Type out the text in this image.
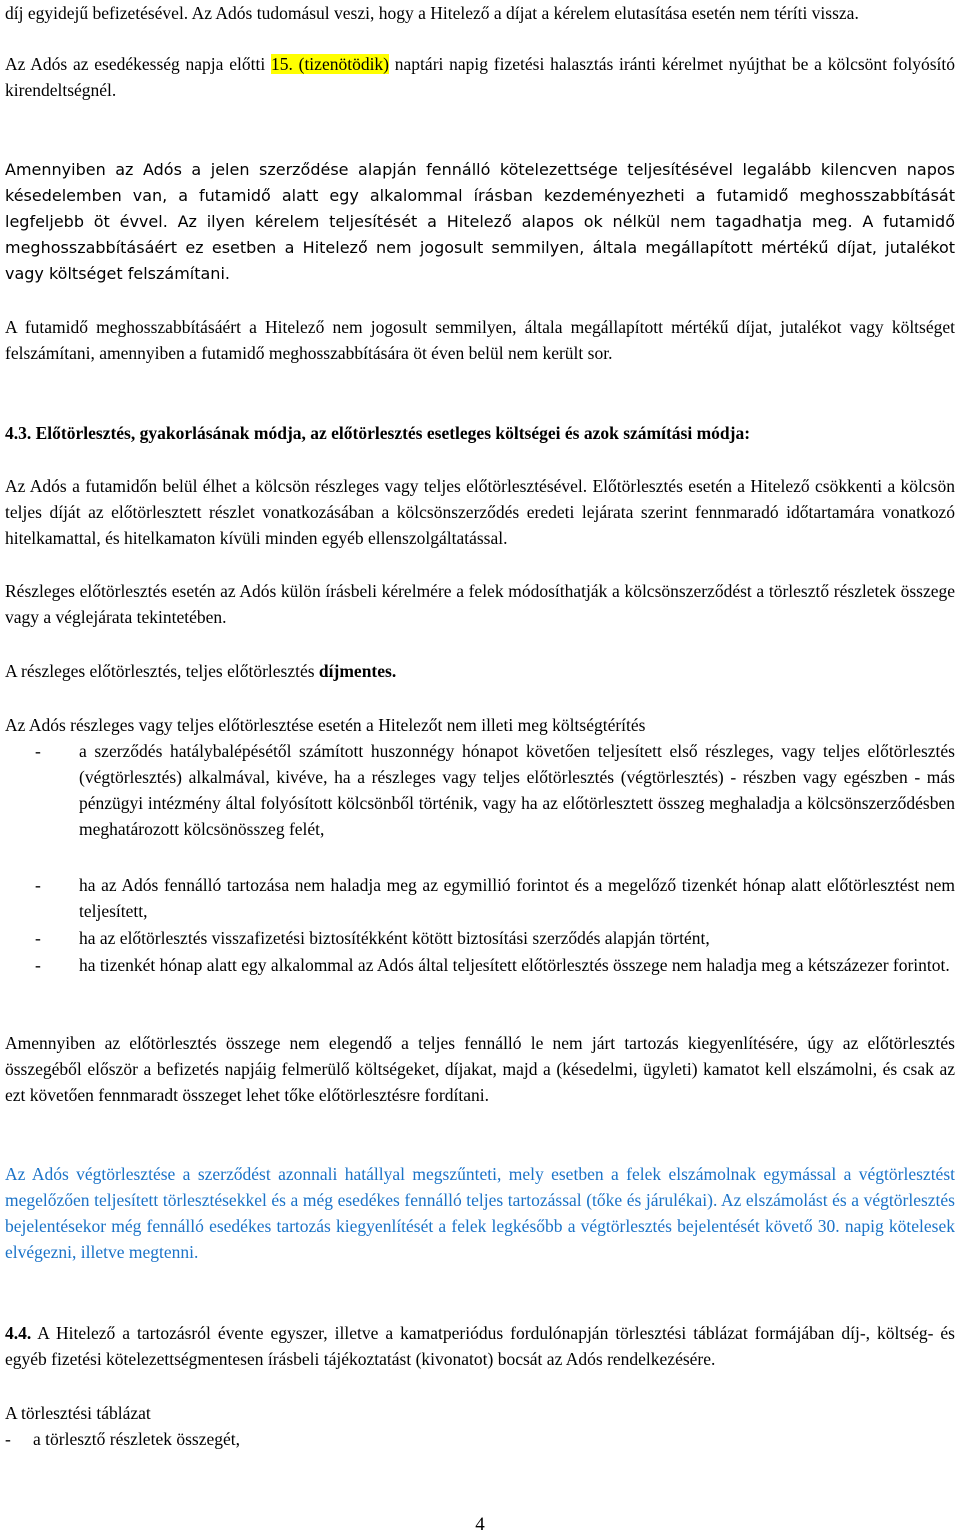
díj egyidejű befizetésével. Az Adós tudomásul veszi, hogy a Hitelező a díjat a kérelem elutasítása esetén nem téríti vissza.

Az Adós az esedékesség napja előtti 15. (tizenötödik) naptári napig fizetési halasztás iránti kérelmet nyújthat be a kölcsönt folyósító kirendeltségnél.

Amennyiben az Adós a jelen szerződése alapján fennálló kötelezettsége teljesítésével legalább kilencven napos késedelemben van, a futamidő alatt egy alkalommal írásban kezdeményezheti a futamidő meghosszabbítását legfeljebb öt évvel. Az ilyen kérelem teljesítését a Hitelező alapos ok nélkül nem tagadhatja meg. A futamidő meghosszabbításáért ez esetben a Hitelező nem jogosult semmilyen, általa megállapított mértékű díjat, jutalékot vagy költséget felszámítani.

A futamidő meghosszabbításáért a Hitelező nem jogosult semmilyen, általa megállapított mértékű díjat, jutalékot vagy költséget felszámítani, amennyiben a futamidő meghosszabbítására öt éven belül nem került sor.

4.3. Előtörlesztés, gyakorlásának módja, az előtörlesztés esetleges költségei és azok számítási módja:

Az Adós a futamidőn belül élhet a kölcsön részleges vagy teljes előtörlesztésével. Előtörlesztés esetén a Hitelező csökkenti a kölcsön teljes díját az előtörlesztett részlet vonatkozásában a kölcsönszerződés eredeti lejárata szerint fennmaradó időtartamára vonatkozó hitelkamattal, és hitelkamaton kívüli minden egyéb ellenszolgáltatással.

Részleges előtörlesztés esetén az Adós külön írásbeli kérelmére a felek módosíthatják a kölcsönszerződést a törlesztő részletek összege vagy a véglejárata tekintetében.

A részleges előtörlesztés, teljes előtörlesztés díjmentes.

Az Adós részleges vagy teljes előtörlesztése esetén a Hitelezőt nem illeti meg költségtérítés

- a szerződés hatálybalépésétől számított huszonnégy hónapot követően teljesített első részleges, vagy teljes előtörlesztés (végtörlesztés) alkalmával, kivéve, ha a részleges vagy teljes előtörlesztés (végtörlesztés) - részben vagy egészben - más pénzügyi intézmény által folyósított kölcsönből történik, vagy ha az előtörlesztett összeg meghaladja a kölcsönszerződésben meghatározott kölcsönösszeg felét,
- ha az Adós fennálló tartozása nem haladja meg az egymillió forintot és a megelőző tizenkét hónap alatt előtörlesztést nem teljesített,
- ha az előtörlesztés visszafizetési biztosítékként kötött biztosítási szerződés alapján történt,
- ha tizenkét hónap alatt egy alkalommal az Adós által teljesített előtörlesztés összege nem haladja meg a kétszázezer forintot.

Amennyiben az előtörlesztés összege nem elegendő a teljes fennálló le nem járt tartozás kiegyenlítésére, úgy az előtörlesztés összegéből először a befizetés napjáig felmerülő költségeket, díjakat, majd a (késedelmi, ügyleti) kamatot kell elszámolni, és csak az ezt követően fennmaradt összeget lehet tőke előtörlesztésre fordítani.

Az Adós végtörlesztése a szerződést azonnali hatállyal megszűnteti, mely esetben a felek elszámolnak egymással a végtörlesztést megelőzően teljesített törlesztésekkel és a még esedékes fennálló teljes tartozással (tőke és járulékai). Az elszámolást és a végtörlesztés bejelentésekor még fennálló esedékes tartozás kiegyenlítését a felek legkésőbb a végtörlesztés bejelentését követő 30. napig kötelesek elvégezni, illetve megtenni.

4.4. A Hitelező a tartozásról évente egyszer, illetve a kamatperiódus fordulónapján törlesztési táblázat formájában díj-, költség- és egyéb fizetési kötelezettségmentesen írásbeli tájékoztatást (kivonatot) bocsát az Adós rendelkezésére.

A törlesztési táblázat

- a törlesztő részletek összegét,
4
